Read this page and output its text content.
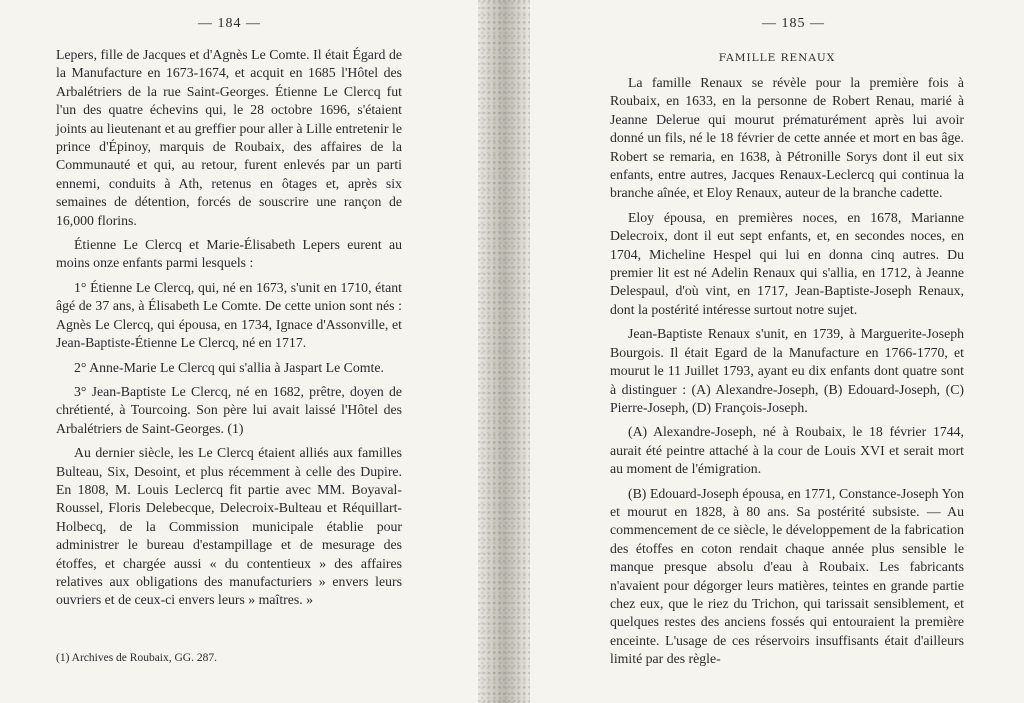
— 184 —

Lepers, fille de Jacques et d'Agnès Le Comte. Il était Égard de la Manufacture en 1673-1674, et acquit en 1685 l'Hôtel des Arbalétriers de la rue Saint-Georges. Étienne Le Clercq fut l'un des quatre échevins qui, le 28 octobre 1696, s'étaient joints au lieutenant et au greffier pour aller à Lille entretenir le prince d'Épinoy, marquis de Roubaix, des affaires de la Communauté et qui, au retour, furent enlevés par un parti ennemi, conduits à Ath, retenus en ôtages et, après six semaines de détention, forcés de souscrire une rançon de 16,000 florins.

Étienne Le Clercq et Marie-Élisabeth Lepers eurent au moins onze enfants parmi lesquels :

1° Étienne Le Clercq, qui, né en 1673, s'unit en 1710, étant âgé de 37 ans, à Élisabeth Le Comte. De cette union sont nés : Agnès Le Clercq, qui épousa, en 1734, Ignace d'Assonville, et Jean-Baptiste-Étienne Le Clercq, né en 1717.

2° Anne-Marie Le Clercq qui s'allia à Jaspart Le Comte.

3° Jean-Baptiste Le Clercq, né en 1682, prêtre, doyen de chrétienté, à Tourcoing. Son père lui avait laissé l'Hôtel des Arbalétriers de Saint-Georges. (1)

Au dernier siècle, les Le Clercq étaient alliés aux familles Bulteau, Six, Desoint, et plus récemment à celle des Dupire. En 1808, M. Louis Leclercq fit partie avec MM. Boyaval-Roussel, Floris Delebecque, Delecroix-Bulteau et Réquillart-Holbecq, de la Commission municipale établie pour administrer le bureau d'estampillage et de mesurage des étoffes, et chargée aussi « du contentieux » des affaires relatives aux obligations des manufacturiers » envers leurs ouvriers et de ceux-ci envers leurs » maîtres. »

(1) Archives de Roubaix, GG. 287.
— 185 —
FAMILLE RENAUX

La famille Renaux se révèle pour la première fois à Roubaix, en 1633, en la personne de Robert Renau, marié à Jeanne Delerue qui mourut prématurément après lui avoir donné un fils, né le 18 février de cette année et mort en bas âge. Robert se remaria, en 1638, à Pétronille Sorys dont il eut six enfants, entre autres, Jacques Renaux-Leclercq qui continua la branche aînée, et Eloy Renaux, auteur de la branche cadette.

Eloy épousa, en premières noces, en 1678, Marianne Delecroix, dont il eut sept enfants, et, en secondes noces, en 1704, Micheline Hespel qui lui en donna cinq autres. Du premier lit est né Adelin Renaux qui s'allia, en 1712, à Jeanne Delespaul, d'où vint, en 1717, Jean-Baptiste-Joseph Renaux, dont la postérité intéresse surtout notre sujet.

Jean-Baptiste Renaux s'unit, en 1739, à Marguerite-Joseph Bourgois. Il était Egard de la Manufacture en 1766-1770, et mourut le 11 Juillet 1793, ayant eu dix enfants dont quatre sont à distinguer : (A) Alexandre-Joseph, (B) Edouard-Joseph, (C) Pierre-Joseph, (D) François-Joseph.

(A) Alexandre-Joseph, né à Roubaix, le 18 février 1744, aurait été peintre attaché à la cour de Louis XVI et serait mort au moment de l'émigration.

(B) Edouard-Joseph épousa, en 1771, Constance-Joseph Yon et mourut en 1828, à 80 ans. Sa postérité subsiste. — Au commencement de ce siècle, le développement de la fabrication des étoffes en coton rendait chaque année plus sensible le manque presque absolu d'eau à Roubaix. Les fabricants n'avaient pour dégorger leurs matières, teintes en grande partie chez eux, que le riez du Trichon, qui tarissait sensiblement, et quelques restes des anciens fossés qui entouraient la première enceinte. L'usage de ces réservoirs insuffisants était d'ailleurs limité par des règle-
